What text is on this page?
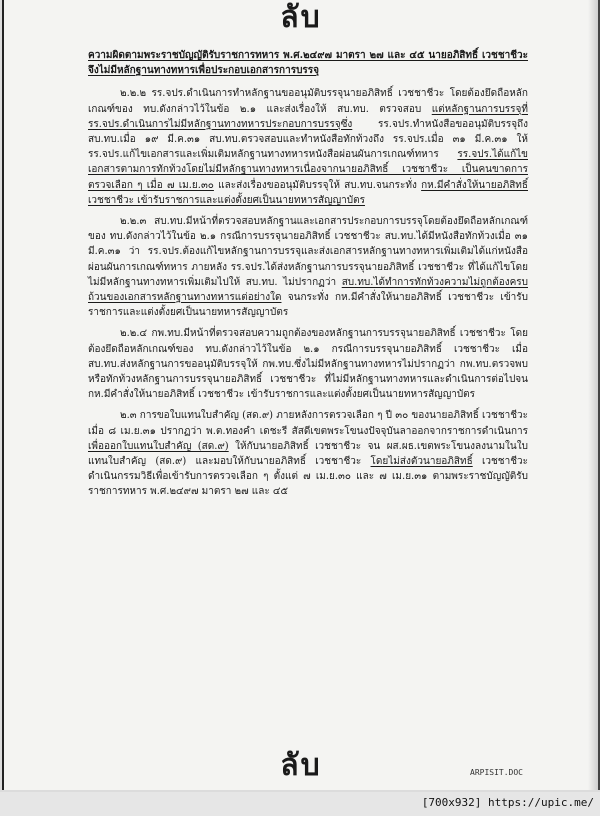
ลับ
ความผิดตามพระราชบัญญัติรับราชการทหาร พ.ศ.๒๔๙๗ มาตรา ๒๗ และ ๔๕ นายอภิสิทธิ์ เวชชาชีวะ จึงไม่มีหลักฐานทางทหารเพื่อประกอบเอกสารการบรรจุ
๒.๒.๒ รร.จปร.ดำเนินการทำหลักฐานขออนุมัติบรรจุนายอภิสิทธิ์ เวชชาชีวะ โดยต้องยึดถือหลักเกณฑ์ของ ทบ.ดังกล่าวไว้ในข้อ ๒.๑ และส่งเรื่องให้ สบ.ทบ. ตรวจสอบ แต่หลักฐานการบรรจุที่ รร.จปร.ดำเนินการไม่มีหลักฐานทางทหารประกอบการบรรจุซึ่ง รร.จปร.ทำหนังสือขออนุมัติบรรจุถึง สบ.ทบ.เมื่อ ๑๙ มี.ค.๓๑ สบ.ทบ.ตรวจสอบและทำหนังสือทักท้วงถึง รร.จปร.เมื่อ ๓๑ มี.ค.๓๑ ให้ รร.จปร.แก้ไขเอกสารและเพิ่มเติมหลักฐานทางทหารหนังสือผ่อนผันการเกณฑ์ทหาร รร.จปร.ได้แก้ไขเอกสารตามการทักท้วงโดยไม่มีหลักฐานทางทหารเนื่องจากนายอภิสิทธิ์ เวชชาชีวะ เป็นคนขาดการตรวจเลือก ๆ เมื่อ ๗ เม.ย.๓๐ และส่งเรื่องขออนุมัติบรรจุให้ สบ.ทบ.จนกระทั่ง กห.มีคำสั่งให้นายอภิสิทธิ์ เวชชาชีวะ เข้ารับราชการและแต่งตั้งยศเป็นนายทหารสัญญาบัตร
๒.๒.๓ สบ.ทบ.มีหน้าที่ตรวจสอบหลักฐานและเอกสารประกอบการบรรจุโดยต้องยึดถือหลักเกณฑ์ของ ทบ.ดังกล่าวไว้ในข้อ ๒.๑ กรณีการบรรจุนายอภิสิทธิ์ เวชชาชีวะ สบ.ทบ.ได้มีหนังสือทักท้วงเมื่อ ๓๑ มี.ค.๓๑ ว่า รร.จปร.ต้องแก้ไขหลักฐานการบรรจุและส่งเอกสารหลักฐานทางทหารเพิ่มเติมได้แก่หนังสือผ่อนผันการเกณฑ์ทหาร ภายหลัง รร.จปร.ได้ส่งหลักฐานการบรรจุนายอภิสิทธิ์ เวชชาชีวะ ที่ได้แก้ไขโดยไม่มีหลักฐานทางทหารเพิ่มเติมไปให้ สบ.ทบ. ไม่ปรากฏว่า สบ.ทบ.ได้ทำการทักท้วงความไม่ถูกต้องครบถ้วนของเอกสารหลักฐานทางทหารแต่อย่างใด จนกระทั่ง กห.มีคำสั่งให้นายอภิสิทธิ์ เวชชาชีวะ เข้ารับราชการและแต่งตั้งยศเป็นนายทหารสัญญาบัตร
๒.๒.๔ กพ.ทบ.มีหน้าที่ตรวจสอบความถูกต้องของหลักฐานการบรรจุนายอภิสิทธิ์ เวชชาชีวะ โดยต้องยึดถือหลักเกณฑ์ของ ทบ.ดังกล่าวไว้ในข้อ ๒.๑ กรณีการบรรจุนายอภิสิทธิ์ เวชชาชีวะ เมื่อ สบ.ทบ.ส่งหลักฐานการขออนุมัติบรรจุให้ กพ.ทบ.ซึ่งไม่มีหลักฐานทางทหารไม่ปรากฏว่า กพ.ทบ.ตรวจพบหรือทักท้วงหลักฐานการบรรจุนายอภิสิทธิ์ เวชชาชีวะ ที่ไม่มีหลักฐานทางทหารและดำเนินการต่อไปจน กห.มีคำสั่งให้นายอภิสิทธิ์ เวชชาชีวะ เข้ารับราชการและแต่งตั้งยศเป็นนายทหารสัญญาบัตร
๒.๓ การขอใบแทนใบสำคัญ (สด.๙) ภายหลังการตรวจเลือก ๆ ปี ๓๐ ของนายอภิสิทธิ์ เวชชาชีวะ เมื่อ ๘ เม.ย.๓๑ ปรากฏว่า พ.ต.ทองคำ เดชะรี สัสดีเขตพระโขนงปัจจุบันลาออกจากราชการดำเนินการเพื่อออกใบแทนใบสำคัญ (สด.๙) ให้กับนายอภิสิทธิ์ เวชชาชีวะ จน ผส.ผธ.เขตพระโขนงลงนามในใบแทนใบสำคัญ (สด.๙) และมอบให้กับนายอภิสิทธิ์ เวชชาชีวะ โดยไม่ส่งตัวนายอภิสิทธิ์ เวชชาชีวะ ดำเนินกรรมวิธีเพื่อเข้ารับการตรวจเลือก ๆ ตั้งแต่ ๗ เม.ย.๓๐ และ ๗ เม.ย.๓๑ ตามพระราชบัญญัติรับราชการทหาร พ.ศ.๒๔๙๗ มาตรา ๒๗ และ ๔๕
ARPISIT.DOC
ลับ
[700x932] https://upic.me/
